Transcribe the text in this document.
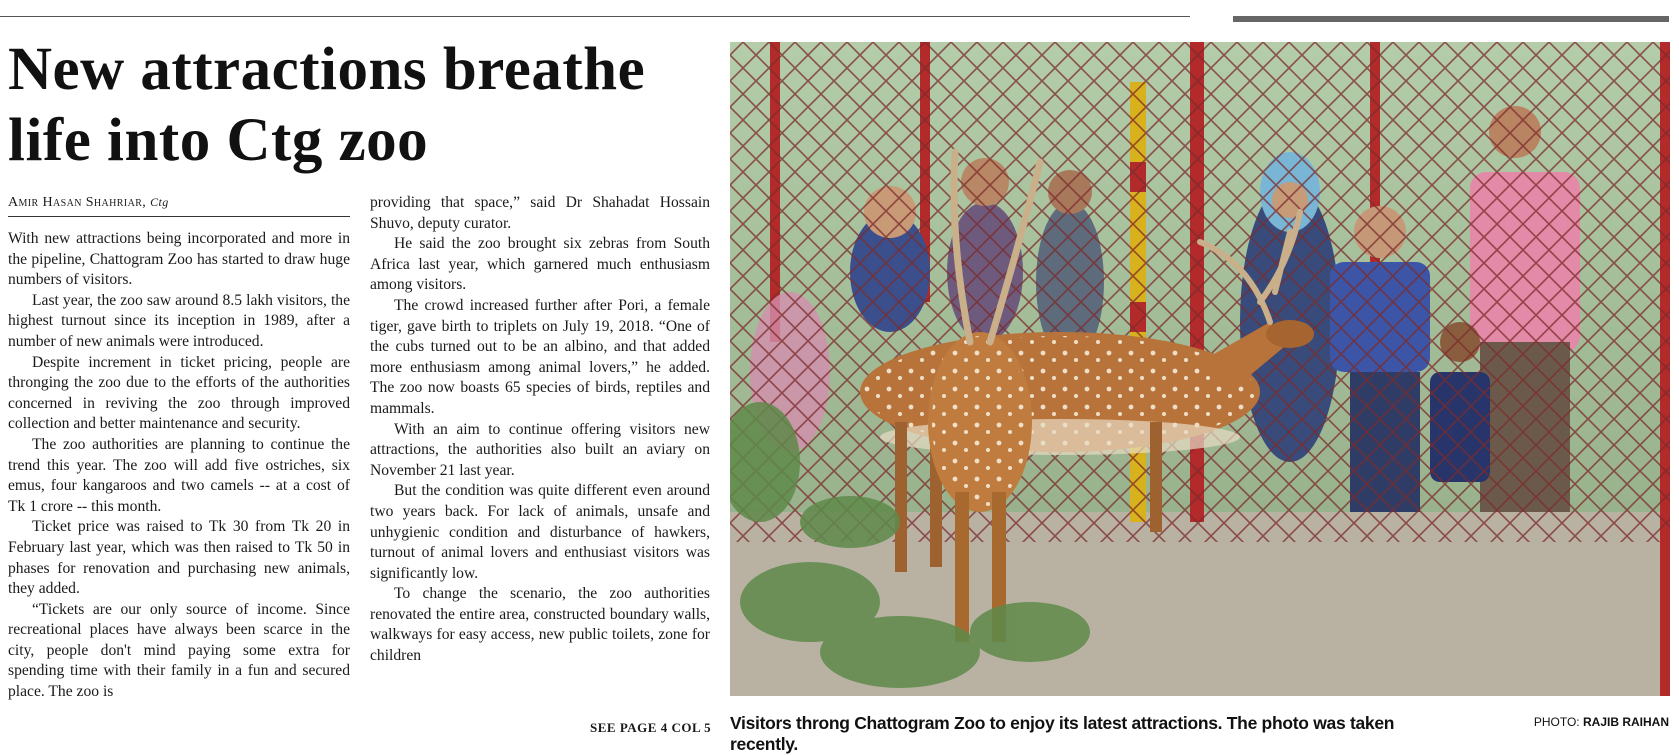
New attractions breathe life into Ctg zoo
Amir Hasan Shahriar, Ctg

With new attractions being incorporated and more in the pipeline, Chattogram Zoo has started to draw huge numbers of visitors.

Last year, the zoo saw around 8.5 lakh visitors, the highest turnout since its inception in 1989, after a number of new animals were introduced.

Despite increment in ticket pricing, people are thronging the zoo due to the efforts of the authorities concerned in reviving the zoo through improved collection and better maintenance and security.

The zoo authorities are planning to continue the trend this year. The zoo will add five ostriches, six emus, four kangaroos and two camels -- at a cost of Tk 1 crore -- this month.

Ticket price was raised to Tk 30 from Tk 20 in February last year, which was then raised to Tk 50 in phases for renovation and purchasing new animals, they added.

“Tickets are our only source of income. Since recreational places have always been scarce in the city, people don't mind paying some extra for spending time with their family in a fun and secured place. The zoo is

providing that space,” said Dr Shahadat Hossain Shuvo, deputy curator.

He said the zoo brought six zebras from South Africa last year, which garnered much enthusiasm among visitors.

The crowd increased further after Pori, a female tiger, gave birth to triplets on July 19, 2018. “One of the cubs turned out to be an albino, and that added more enthusiasm among animal lovers,” he added. The zoo now boasts 65 species of birds, reptiles and mammals.

With an aim to continue offering visitors new attractions, the authorities also built an aviary on November 21 last year.

But the condition was quite different even around two years back. For lack of animals, unsafe and unhygienic condition and disturbance of hawkers, turnout of animal lovers and enthusiast visitors was significantly low.

To change the scenario, the zoo authorities renovated the entire area, constructed boundary walls, walkways for easy access, new public toilets, zone for children

SEE PAGE 4 COL 5 Visitors throng Chattogram Zoo to enjoy its latest attractions. The photo was taken recently.
PHOTO: RAJIB RAIHAN
